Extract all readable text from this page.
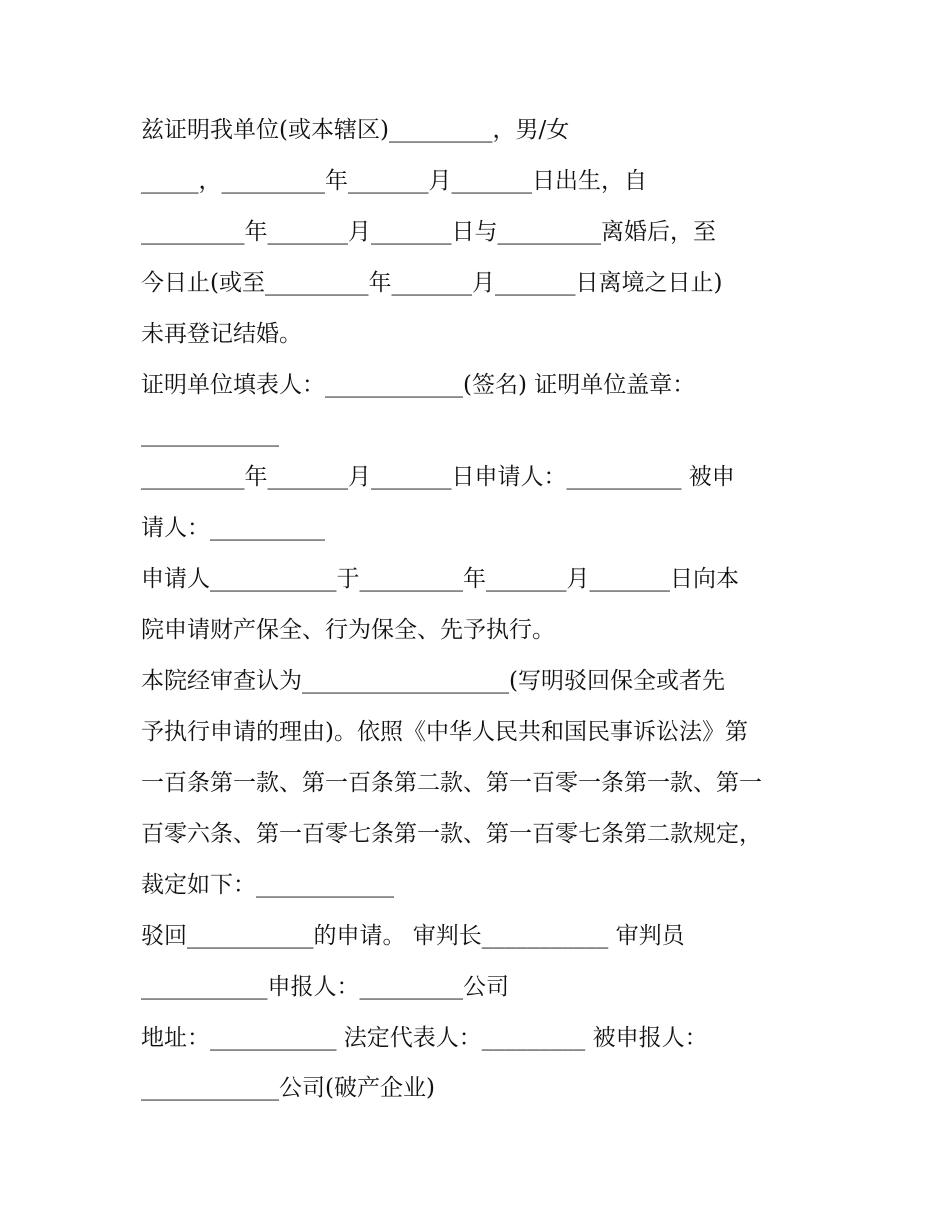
兹证明我单位(或本辖区)_________，男/女
_____，_________年_______月_______日出生，自
_________年_______月_______日与_________离婚后，至
今日止(或至_________年_______月_______日离境之日止)
未再登记结婚。
证明单位填表人：____________(签名) 证明单位盖章：
____________
_________年_______月_______日申请人：__________ 被申
请人：__________
申请人___________于_________年_______月_______日向本
院申请财产保全、行为保全、先予执行。
本院经审查认为__________________(写明驳回保全或者先
予执行申请的理由)。依照《中华人民共和国民事诉讼法》第
一百条第一款、第一百条第二款、第一百零一条第一款、第一
百零六条、第一百零七条第一款、第一百零七条第二款规定，
裁定如下：____________
驳回___________的申请。 审判长___________ 审判员
___________申报人：_________公司
地址：___________ 法定代表人：_________ 被申报人：
____________公司(破产企业)
